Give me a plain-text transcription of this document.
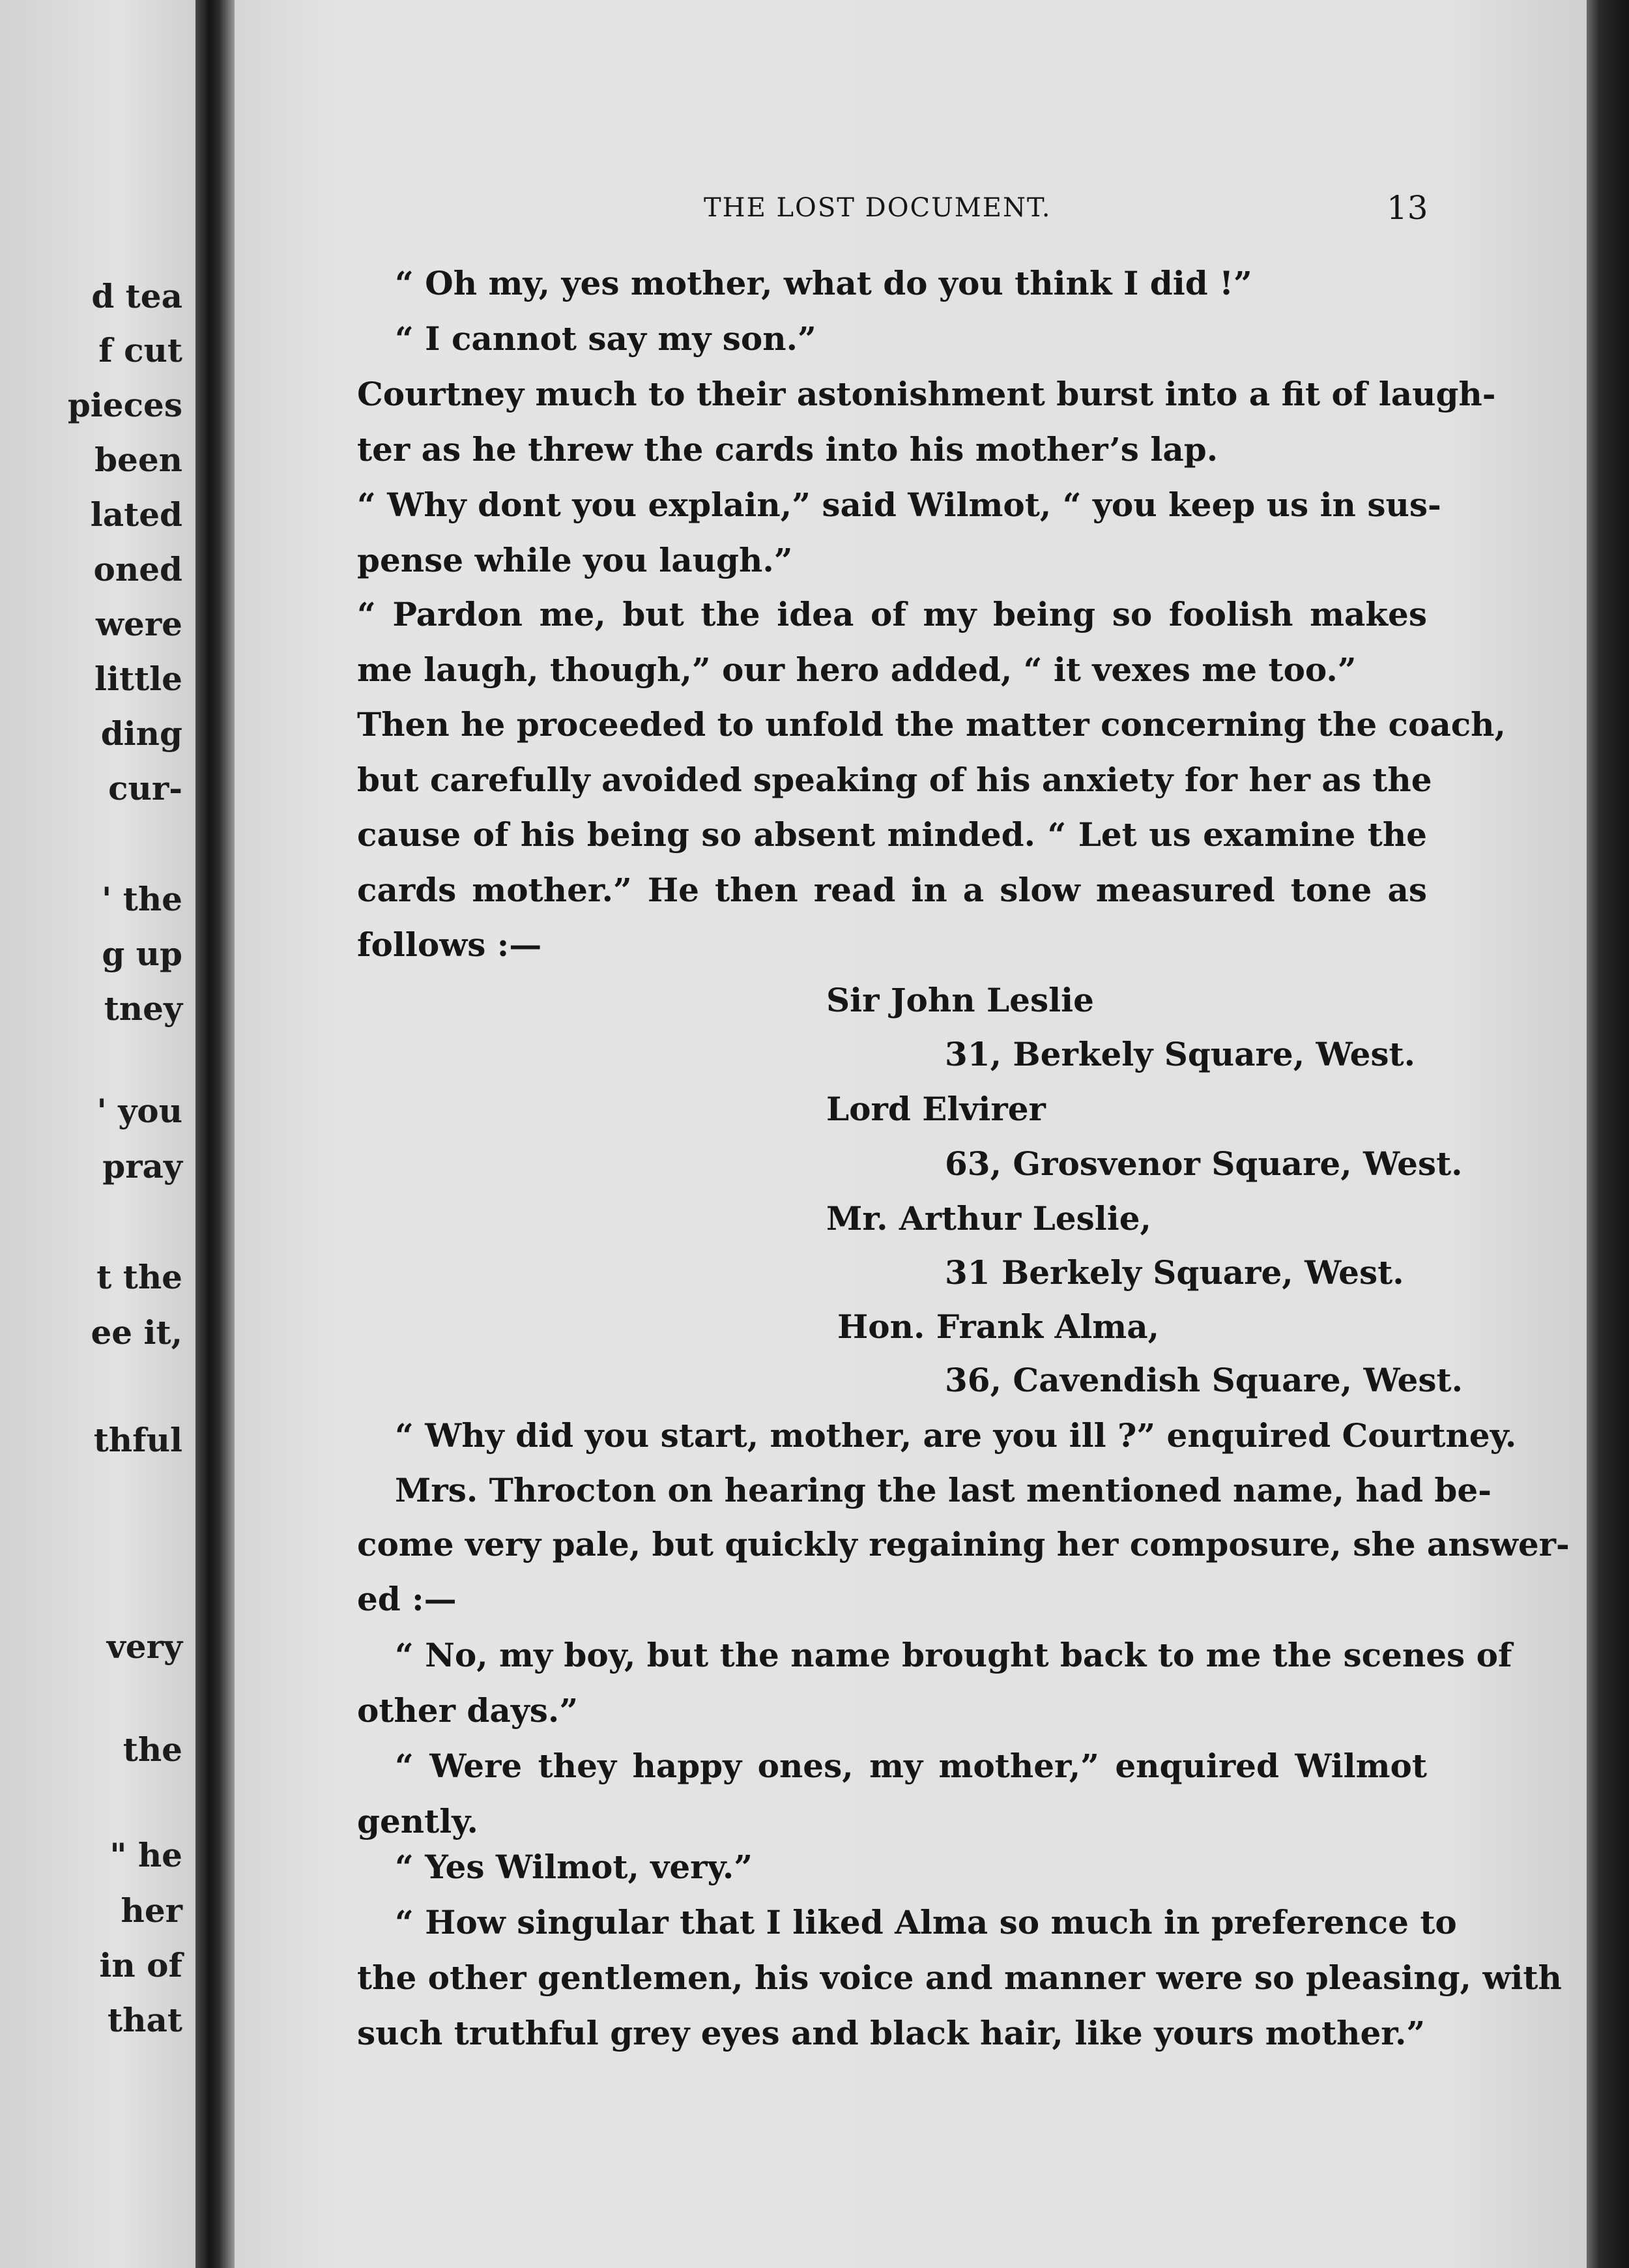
d tea
f cut
pieces
been
lated
oned
were
little
ding
cur-
' the
g up
tney
' you
pray
t the
ee it,
thful
very
the
" he
her
in of
that
THE LOST DOCUMENT.	13
“ Oh my, yes mother, what do you think I did !”
“ I cannot say my son.”
Courtney much to their astonishment burst into a fit of laugh-
ter as he threw the cards into his mother’s lap.
“ Why dont you explain,” said Wilmot, “ you keep us in sus-
pense while you laugh.”
“ Pardon me, but the idea of my being so foolish makes
me laugh, though,” our hero added, “ it vexes me too.”
Then he proceeded to unfold the matter concerning the coach,
but carefully avoided speaking of his anxiety for her as the
cause of his being so absent minded. “ Let us examine the
cards mother.” He then read in a slow measured tone as
follows :—
Sir John Leslie
31, Berkely Square, West.
Lord Elvirer
63, Grosvenor Square, West.
Mr. Arthur Leslie,
31 Berkely Square, West.
Hon. Frank Alma,
36, Cavendish Square, West.
“ Why did you start, mother, are you ill ?” enquired Courtney.
Mrs. Throcton on hearing the last mentioned name, had be-
come very pale, but quickly regaining her composure, she answer-
ed :—
“ No, my boy, but the name brought back to me the scenes of
other days.”
“ Were they happy ones, my mother,” enquired Wilmot
gently.
“ Yes Wilmot, very.”
“ How singular that I liked Alma so much in preference to
the other gentlemen, his voice and manner were so pleasing, with
such truthful grey eyes and black hair, like yours mother.”
